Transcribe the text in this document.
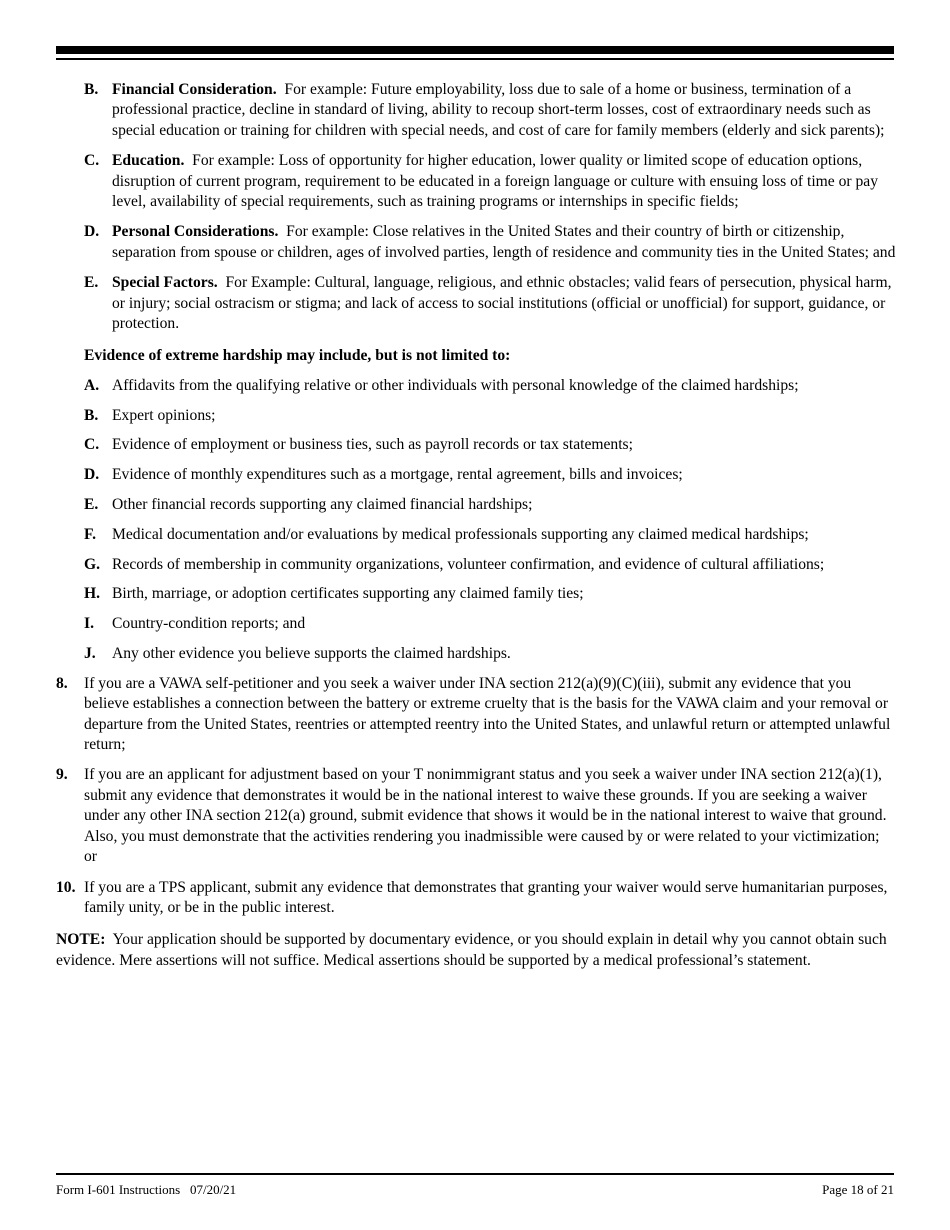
B. Financial Consideration. For example: Future employability, loss due to sale of a home or business, termination of a professional practice, decline in standard of living, ability to recoup short-term losses, cost of extraordinary needs such as special education or training for children with special needs, and cost of care for family members (elderly and sick parents);
C. Education. For example: Loss of opportunity for higher education, lower quality or limited scope of education options, disruption of current program, requirement to be educated in a foreign language or culture with ensuing loss of time or pay level, availability of special requirements, such as training programs or internships in specific fields;
D. Personal Considerations. For example: Close relatives in the United States and their country of birth or citizenship, separation from spouse or children, ages of involved parties, length of residence and community ties in the United States; and
E. Special Factors. For Example: Cultural, language, religious, and ethnic obstacles; valid fears of persecution, physical harm, or injury; social ostracism or stigma; and lack of access to social institutions (official or unofficial) for support, guidance, or protection.
Evidence of extreme hardship may include, but is not limited to:
A. Affidavits from the qualifying relative or other individuals with personal knowledge of the claimed hardships;
B. Expert opinions;
C. Evidence of employment or business ties, such as payroll records or tax statements;
D. Evidence of monthly expenditures such as a mortgage, rental agreement, bills and invoices;
E. Other financial records supporting any claimed financial hardships;
F. Medical documentation and/or evaluations by medical professionals supporting any claimed medical hardships;
G. Records of membership in community organizations, volunteer confirmation, and evidence of cultural affiliations;
H. Birth, marriage, or adoption certificates supporting any claimed family ties;
I. Country-condition reports; and
J. Any other evidence you believe supports the claimed hardships.
8. If you are a VAWA self-petitioner and you seek a waiver under INA section 212(a)(9)(C)(iii), submit any evidence that you believe establishes a connection between the battery or extreme cruelty that is the basis for the VAWA claim and your removal or departure from the United States, reentries or attempted reentry into the United States, and unlawful return or attempted unlawful return;
9. If you are an applicant for adjustment based on your T nonimmigrant status and you seek a waiver under INA section 212(a)(1), submit any evidence that demonstrates it would be in the national interest to waive these grounds. If you are seeking a waiver under any other INA section 212(a) ground, submit evidence that shows it would be in the national interest to waive that ground. Also, you must demonstrate that the activities rendering you inadmissible were caused by or were related to your victimization; or
10. If you are a TPS applicant, submit any evidence that demonstrates that granting your waiver would serve humanitarian purposes, family unity, or be in the public interest.
NOTE: Your application should be supported by documentary evidence, or you should explain in detail why you cannot obtain such evidence. Mere assertions will not suffice. Medical assertions should be supported by a medical professional’s statement.
Form I-601 Instructions   07/20/21	Page 18 of 21
